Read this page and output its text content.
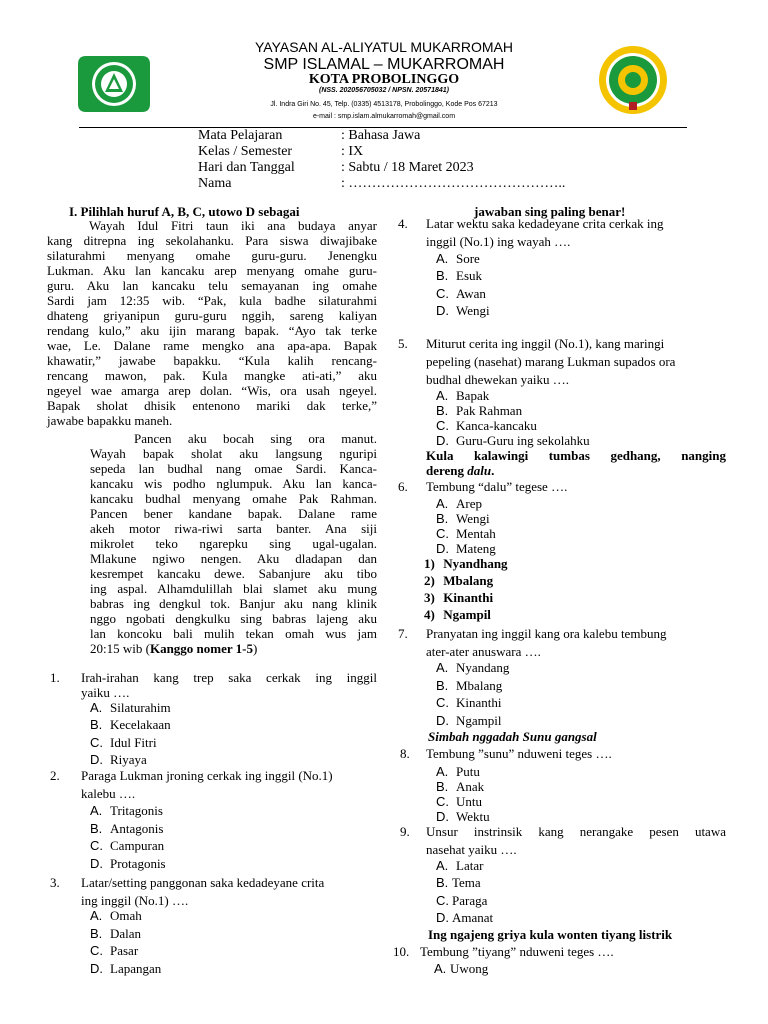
YAYASAN AL-ALIYATUL MUKARROMAH
SMP ISLAMAL – MUKARROMAH
KOTA PROBOLINGGO
(NSS. 202056705032 / NPSN. 20571841)
Jl. Indra Giri No. 45, Telp. (0335) 4513178, Probolinggo, Kode Pos 67213
e-mail : smp.islam.almukarromah@gmail.com
Mata Pelajaran	: Bahasa Jawa
Kelas / Semester	: IX
Hari dan Tanggal	: Sabtu / 18 Maret 2023
Nama	: ………………………………………..
I. Pilihlah huruf A, B, C, utowo D sebagai	jawaban sing paling benar!
Wayah Idul Fitri taun iki ana budaya anyar
kang ditrepna ing sekolahanku. Para siswa diwajibake
silaturahmi menyang omahe guru-guru. Jenengku
Lukman. Aku lan kancaku arep menyang omahe guru-
guru. Aku lan kancaku telu semayanan ing omahe
Sardi jam 12:35 wib. “Pak, kula badhe silaturahmi
dhateng griyanipun guru-guru nggih, sareng kaliyan
rendang kulo,” aku ijin marang bapak. “Ayo tak terke
wae, Le. Dalane rame mengko ana apa-apa. Bapak
khawatir,” jawabe bapakku. “Kula kalih rencang-
rencang mawon, pak. Kula mangke ati-ati,” aku
ngeyel wae amarga arep dolan. “Wis, ora usah ngeyel.
Bapak sholat dhisik entenono mariki dak terke,”
jawabe bapakku maneh.
Pancen aku bocah sing ora manut.
Wayah bapak sholat aku langsung nguripi
sepeda lan budhal nang omae Sardi. Kanca-
kancaku wis podho nglumpuk. Aku lan kanca-
kancaku budhal menyang omahe Pak Rahman.
Pancen bener kandane bapak. Dalane rame
akeh motor riwa-riwi sarta banter. Ana siji
mikrolet teko ngarepku sing ugal-ugalan.
Mlakune ngiwo nengen. Aku dladapan dan
kesrempet kancaku dewe. Sabanjure aku tibo
ing aspal. Alhamdulillah blai slamet aku mung
babras ing dengkul tok. Banjur aku nang klinik
nggo ngobati dengkulku sing babras lajeng aku
lan koncoku bali mulih tekan omah wus jam
20:15 wib (Kanggo nomer 1-5)
1. Irah-irahan kang trep saka cerkak ing inggil
yaiku ….
A. Silaturahim
B. Kecelakaan
C. Idul Fitri
D. Riyaya
2. Paraga Lukman jroning cerkak ing inggil (No.1)
kalebu ….
A. Tritagonis
B. Antagonis
C. Campuran
D. Protagonis
3. Latar/setting panggonan saka kedadeyane crita
ing inggil (No.1) ….
A. Omah
B. Dalan
C. Pasar
D. Lapangan
4. Latar wektu saka kedadeyane crita cerkak ing
inggil (No.1) ing wayah ….
A. Sore
B. Esuk
C. Awan
D. Wengi
5. Miturut cerita ing inggil (No.1), kang maringi
pepeling (nasehat) marang Lukman supados ora
budhal dhewekan yaiku ….
A. Bapak
B. Pak Rahman
C. Kanca-kancaku
D. Guru-Guru ing sekolahku
Kula kalawingi tumbas gedhang, nanging
dereng dalu.
6. Tembung “dalu” tegese ….
A. Arep
B. Wengi
C. Mentah
D. Mateng
1) Nyandhang
2) Mbalang
3) Kinanthi
4) Ngampil
7. Pranyatan ing inggil kang ora kalebu tembung
ater-ater anuswara ….
A. Nyandang
B. Mbalang
C. Kinanthi
D. Ngampil
Simbah nggadah Sunu gangsal
8. Tembung ”sunu” nduweni teges ….
A. Putu
B. Anak
C. Untu
D. Wektu
9. Unsur instrinsik kang nerangake pesen utawa
nasehat yaiku ….
A. Latar
B. Tema
C. Paraga
D. Amanat
Ing ngajeng griya kula wonten tiyang listrik
10. Tembung ”tiyang” nduweni teges ….
A. Uwong
